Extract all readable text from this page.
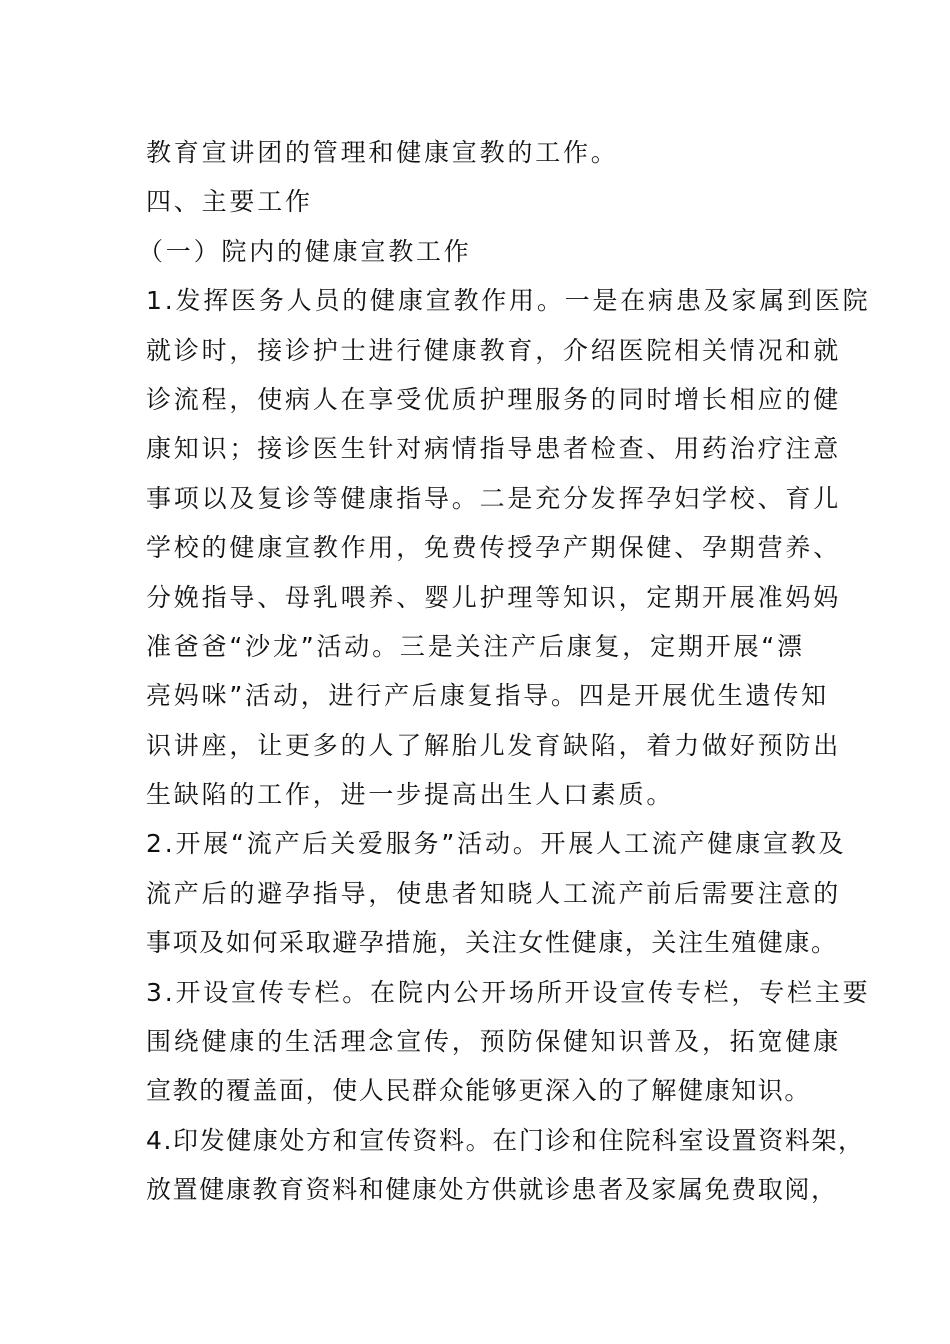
教育宣讲团的管理和健康宣教的工作。
四、主要工作
（一）院内的健康宣教工作
1.发挥医务人员的健康宣教作用。一是在病患及家属到医院
就诊时，接诊护士进行健康教育，介绍医院相关情况和就
诊流程，使病人在享受优质护理服务的同时增长相应的健
康知识；接诊医生针对病情指导患者检查、用药治疗注意
事项以及复诊等健康指导。二是充分发挥孕妇学校、育儿
学校的健康宣教作用，免费传授孕产期保健、孕期营养、
分娩指导、母乳喂养、婴儿护理等知识，定期开展准妈妈
准爸爸“沙龙”活动。三是关注产后康复，定期开展“漂
亮妈咪”活动，进行产后康复指导。四是开展优生遗传知
识讲座，让更多的人了解胎儿发育缺陷，着力做好预防出
生缺陷的工作，进一步提高出生人口素质。
2.开展“流产后关爱服务”活动。开展人工流产健康宣教及
流产后的避孕指导，使患者知晓人工流产前后需要注意的
事项及如何采取避孕措施，关注女性健康，关注生殖健康。
3.开设宣传专栏。在院内公开场所开设宣传专栏，专栏主要
围绕健康的生活理念宣传，预防保健知识普及，拓宽健康
宣教的覆盖面，使人民群众能够更深入的了解健康知识。
4.印发健康处方和宣传资料。在门诊和住院科室设置资料架，
放置健康教育资料和健康处方供就诊患者及家属免费取阅，
